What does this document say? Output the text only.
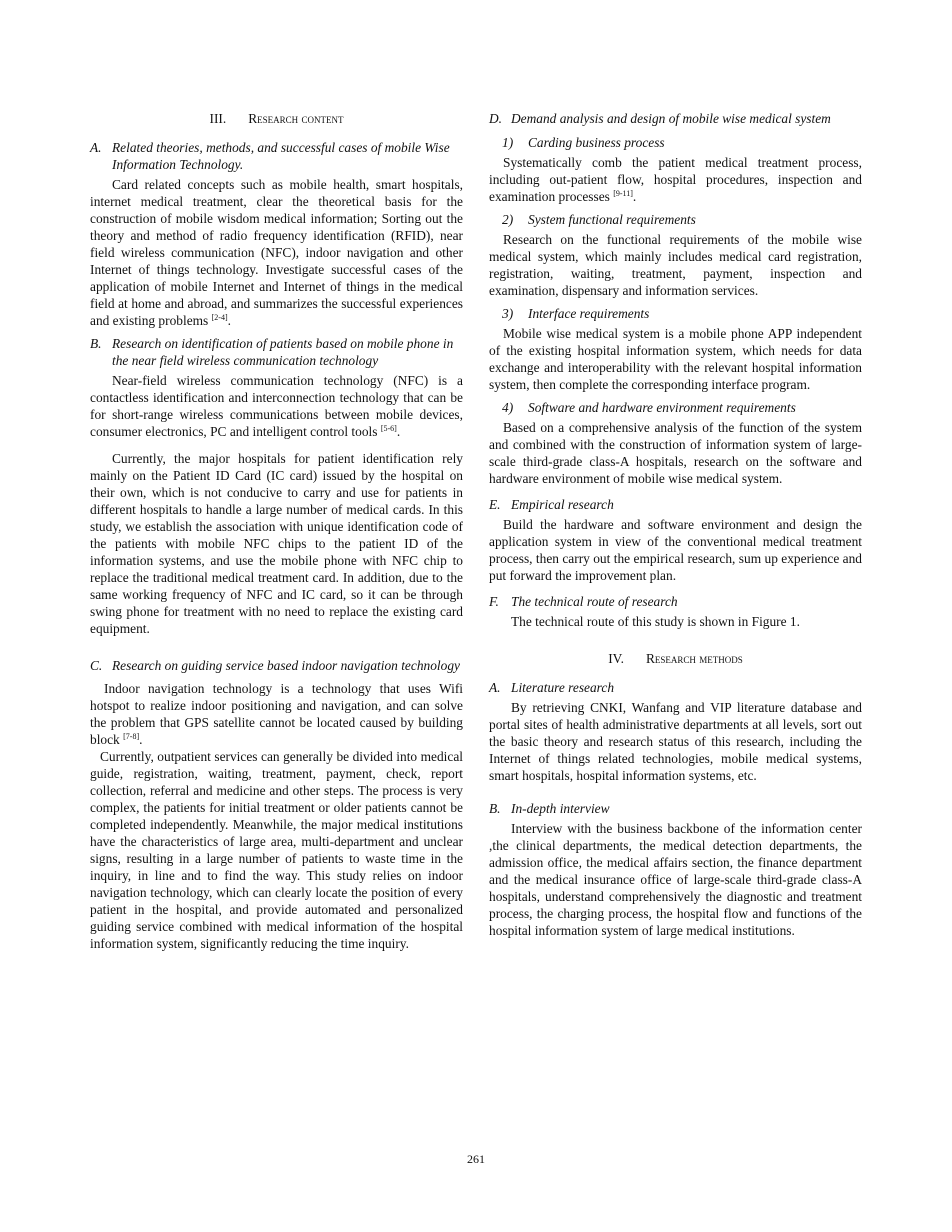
III. Research content
A. Related theories, methods, and successful cases of mobile Wise Information Technology.

Card related concepts such as mobile health, smart hospitals, internet medical treatment, clear the theoretical basis for the construction of mobile wisdom medical information; Sorting out the theory and method of radio frequency identification (RFID), near field wireless communication (NFC), indoor navigation and other Internet of things technology. Investigate successful cases of the application of mobile Internet and Internet of things in the medical field at home and abroad, and summarizes the successful experiences and existing problems [2-4].

B. Research on identification of patients based on mobile phone in the near field wireless communication technology

Near-field wireless communication technology (NFC) is a contactless identification and interconnection technology that can be for short-range wireless communications between mobile devices, consumer electronics, PC and intelligent control tools [5-6].

Currently, the major hospitals for patient identification rely mainly on the Patient ID Card (IC card) issued by the hospital on their own, which is not conducive to carry and use for patients in different hospitals to handle a large number of medical cards. In this study, we establish the association with unique identification code of the patients with mobile NFC chips to the patient ID of the information systems, and use the mobile phone with NFC chip to replace the traditional medical treatment card. In addition, due to the same working frequency of NFC and IC card, so it can be through swing phone for treatment with no need to replace the existing card equipment.

C. Research on guiding service based indoor navigation technology

Indoor navigation technology is a technology that uses Wifi hotspot to realize indoor positioning and navigation, and can solve the problem that GPS satellite cannot be located caused by building block [7-8].

Currently, outpatient services can generally be divided into medical guide, registration, waiting, treatment, payment, check, report collection, referral and medicine and other steps. The process is very complex, the patients for initial treatment or older patients cannot be completed independently. Meanwhile, the major medical institutions have the characteristics of large area, multi-department and unclear signs, resulting in a large number of patients to waste time in the inquiry, in line and to find the way. This study relies on indoor navigation technology, which can clearly locate the position of every patient in the hospital, and provide automated and personalized guiding service combined with medical information of the hospital information system, significantly reducing the time inquiry.

D. Demand analysis and design of mobile wise medical system
1) Carding business process

Systematically comb the patient medical treatment process, including out-patient flow, hospital procedures, inspection and examination processes [9-11].

2) System functional requirements

Research on the functional requirements of the mobile wise medical system, which mainly includes medical card registration, registration, waiting, treatment, payment, inspection and examination, dispensary and information services.

3) Interface requirements

Mobile wise medical system is a mobile phone APP independent of the existing hospital information system, which needs for data exchange and interoperability with the relevant hospital information system, then complete the corresponding interface program.

4) Software and hardware environment requirements

Based on a comprehensive analysis of the function of the system and combined with the construction of information system of large-scale third-grade class-A hospitals, research on the software and hardware environment of mobile wise medical system.

E. Empirical research

Build the hardware and software environment and design the application system in view of the conventional medical treatment process, then carry out the empirical research, sum up experience and put forward the improvement plan.

F. The technical route of research

The technical route of this study is shown in Figure 1.

IV. Research methods
A. Literature research

By retrieving CNKI, Wanfang and VIP literature database and portal sites of health administrative departments at all levels, sort out the basic theory and research status of this research, including the Internet of things related technologies, mobile medical systems, smart hospitals, hospital information systems, etc.

B. In-depth interview

Interview with the business backbone of the information center ,the clinical departments, the medical detection departments, the admission office, the medical affairs section, the finance department and the medical insurance office of large-scale third-grade class-A hospitals, understand comprehensively the diagnostic and treatment process, the charging process, the hospital flow and functions of the hospital information system of large medical institutions.

261
